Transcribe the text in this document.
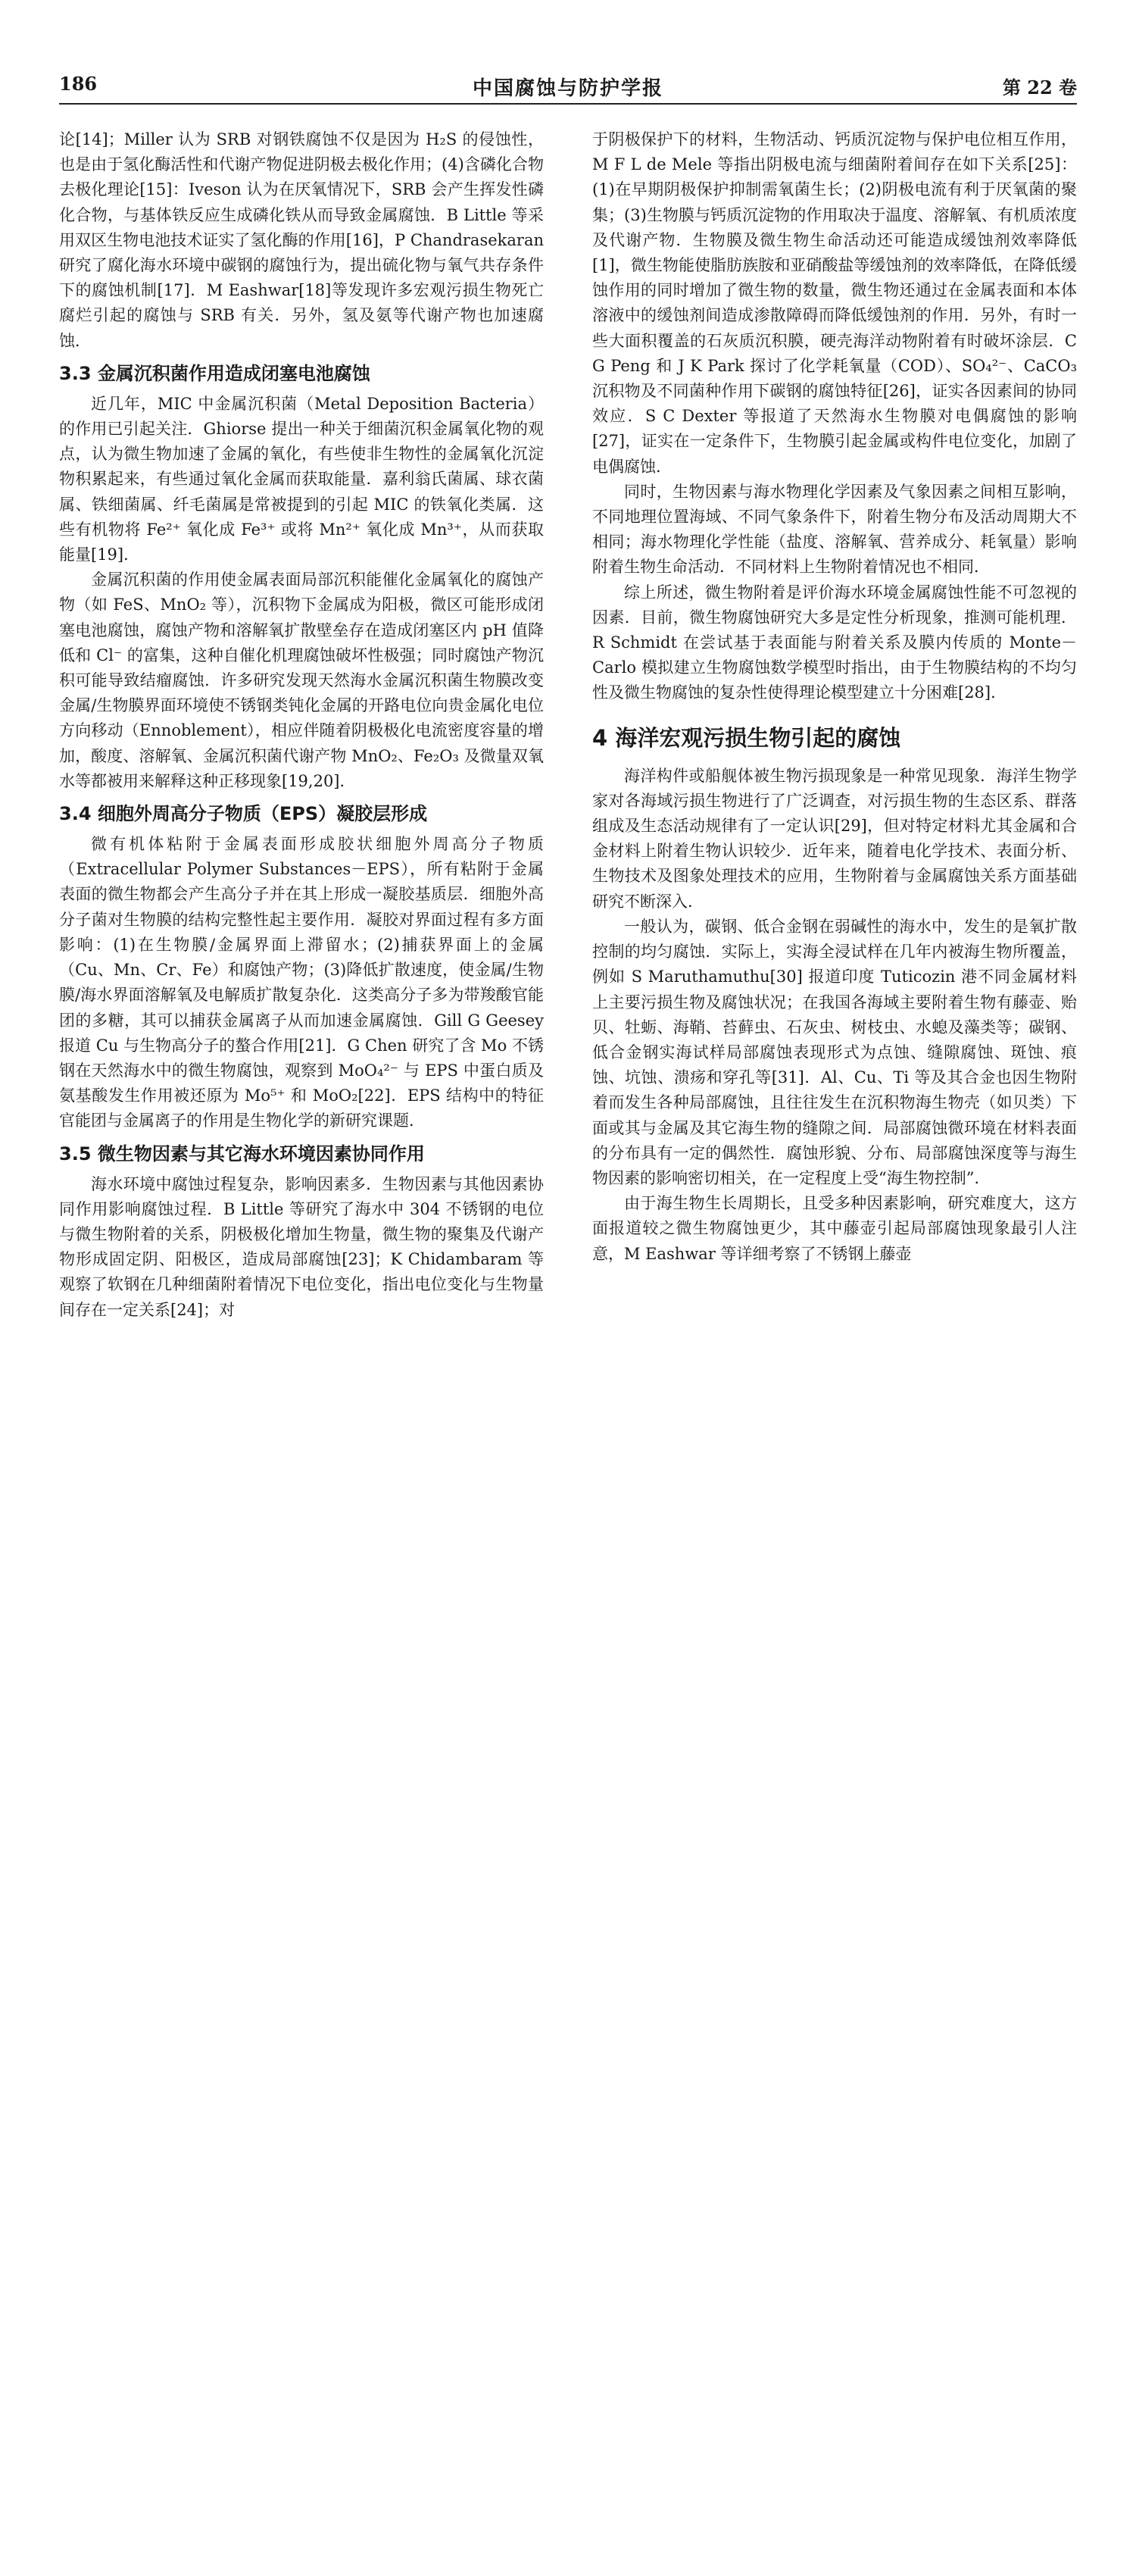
186	中国腐蚀与防护学报	第 22 卷

论[14]；Miller 认为 SRB 对钢铁腐蚀不仅是因为 H₂S 的侵蚀性，也是由于氢化酶活性和代谢产物促进阴极去极化作用；(4)含磷化合物去极化理论[15]：Iveson 认为在厌氧情况下，SRB 会产生挥发性磷化合物，与基体铁反应生成磷化铁从而导致金属腐蚀．B Little 等采用双区生物电池技术证实了氢化酶的作用[16]，P Chandrasekaran 研究了腐化海水环境中碳钢的腐蚀行为，提出硫化物与氧气共存条件下的腐蚀机制[17]．M Eashwar[18]等发现许多宏观污损生物死亡腐烂引起的腐蚀与 SRB 有关．另外，氢及氨等代谢产物也加速腐蚀．

3.3 金属沉积菌作用造成闭塞电池腐蚀

近几年，MIC 中金属沉积菌（Metal Deposition Bacteria）的作用已引起关注．Ghiorse 提出一种关于细菌沉积金属氧化物的观点，认为微生物加速了金属的氧化，有些使非生物性的金属氧化沉淀物积累起来，有些通过氧化金属而获取能量．嘉利翁氏菌属、球衣菌属、铁细菌属、纤毛菌属是常被提到的引起 MIC 的铁氧化类属．这些有机物将 Fe²⁺ 氧化成 Fe³⁺ 或将 Mn²⁺ 氧化成 Mn³⁺，从而获取能量[19]．

金属沉积菌的作用使金属表面局部沉积能催化金属氧化的腐蚀产物（如 FeS、MnO₂ 等），沉积物下金属成为阳极，微区可能形成闭塞电池腐蚀，腐蚀产物和溶解氧扩散壁垒存在造成闭塞区内 pH 值降低和 Cl⁻ 的富集，这种自催化机理腐蚀破坏性极强；同时腐蚀产物沉积可能导致结瘤腐蚀．许多研究发现天然海水金属沉积菌生物膜改变金属/生物膜界面环境使不锈钢类钝化金属的开路电位向贵金属化电位方向移动（Ennoblement），相应伴随着阴极极化电流密度容量的增加，酸度、溶解氧、金属沉积菌代谢产物 MnO₂、Fe₂O₃ 及微量双氧水等都被用来解释这种正移现象[19,20]．

3.4 细胞外周高分子物质（EPS）凝胶层形成

微有机体粘附于金属表面形成胶状细胞外周高分子物质（Extracellular Polymer Substances－EPS），所有粘附于金属表面的微生物都会产生高分子并在其上形成一凝胶基质层．细胞外高分子菌对生物膜的结构完整性起主要作用．凝胶对界面过程有多方面影响：(1)在生物膜/金属界面上滞留水；(2)捕获界面上的金属（Cu、Mn、Cr、Fe）和腐蚀产物；(3)降低扩散速度，使金属/生物膜/海水界面溶解氧及电解质扩散复杂化．这类高分子多为带羧酸官能团的多糖，其可以捕获金属离子从而加速金属腐蚀．Gill G Geesey 报道 Cu 与生物高分子的螯合作用[21]．G Chen 研究了含 Mo 不锈钢在天然海水中的微生物腐蚀，观察到 MoO₄²⁻ 与 EPS 中蛋白质及氨基酸发生作用被还原为 Mo⁵⁺ 和 MoO₂[22]．EPS 结构中的特征官能团与金属离子的作用是生物化学的新研究课题．

3.5 微生物因素与其它海水环境因素协同作用

海水环境中腐蚀过程复杂，影响因素多．生物因素与其他因素协同作用影响腐蚀过程．B Little 等研究了海水中 304 不锈钢的电位与微生物附着的关系，阴极极化增加生物量，微生物的聚集及代谢产物形成固定阴、阳极区，造成局部腐蚀[23]；K Chidambaram 等观察了软钢在几种细菌附着情况下电位变化，指出电位变化与生物量间存在一定关系[24]；对

于阴极保护下的材料，生物活动、钙质沉淀物与保护电位相互作用，M F L de Mele 等指出阴极电流与细菌附着间存在如下关系[25]：(1)在早期阴极保护抑制需氧菌生长；(2)阴极电流有利于厌氧菌的聚集；(3)生物膜与钙质沉淀物的作用取决于温度、溶解氧、有机质浓度及代谢产物．生物膜及微生物生命活动还可能造成缓蚀剂效率降低[1]，微生物能使脂肪族胺和亚硝酸盐等缓蚀剂的效率降低，在降低缓蚀作用的同时增加了微生物的数量，微生物还通过在金属表面和本体溶液中的缓蚀剂间造成渗散障碍而降低缓蚀剂的作用．另外，有时一些大面积覆盖的石灰质沉积膜，硬壳海洋动物附着有时破坏涂层．C G Peng 和 J K Park 探讨了化学耗氧量（COD）、SO₄²⁻、CaCO₃ 沉积物及不同菌种作用下碳钢的腐蚀特征[26]，证实各因素间的协同效应．S C Dexter 等报道了天然海水生物膜对电偶腐蚀的影响[27]，证实在一定条件下，生物膜引起金属或构件电位变化，加剧了电偶腐蚀．

同时，生物因素与海水物理化学因素及气象因素之间相互影响，不同地理位置海域、不同气象条件下，附着生物分布及活动周期大不相同；海水物理化学性能（盐度、溶解氧、营养成分、耗氧量）影响附着生物生命活动．不同材料上生物附着情况也不相同．

综上所述，微生物附着是评价海水环境金属腐蚀性能不可忽视的因素．目前，微生物腐蚀研究大多是定性分析现象，推测可能机理．R Schmidt 在尝试基于表面能与附着关系及膜内传质的 Monte－Carlo 模拟建立生物腐蚀数学模型时指出，由于生物膜结构的不均匀性及微生物腐蚀的复杂性使得理论模型建立十分困难[28]．

4 海洋宏观污损生物引起的腐蚀

海洋构件或船舰体被生物污损现象是一种常见现象．海洋生物学家对各海域污损生物进行了广泛调查，对污损生物的生态区系、群落组成及生态活动规律有了一定认识[29]，但对特定材料尤其金属和合金材料上附着生物认识较少．近年来，随着电化学技术、表面分析、生物技术及图象处理技术的应用，生物附着与金属腐蚀关系方面基础研究不断深入．

一般认为，碳钢、低合金钢在弱碱性的海水中，发生的是氧扩散控制的均匀腐蚀．实际上，实海全浸试样在几年内被海生物所覆盖，例如 S Maruthamuthu[30] 报道印度 Tuticozin 港不同金属材料上主要污损生物及腐蚀状况；在我国各海域主要附着生物有藤壶、贻贝、牡蛎、海鞘、苔藓虫、石灰虫、树枝虫、水螅及藻类等；碳钢、低合金钢实海试样局部腐蚀表现形式为点蚀、缝隙腐蚀、斑蚀、痕蚀、坑蚀、溃疡和穿孔等[31]．Al、Cu、Ti 等及其合金也因生物附着而发生各种局部腐蚀，且往往发生在沉积物海生物壳（如贝类）下面或其与金属及其它海生物的缝隙之间．局部腐蚀微环境在材料表面的分布具有一定的偶然性．腐蚀形貌、分布、局部腐蚀深度等与海生物因素的影响密切相关，在一定程度上受“海生物控制”．

由于海生物生长周期长，且受多种因素影响，研究难度大，这方面报道较之微生物腐蚀更少，其中藤壶引起局部腐蚀现象最引人注意，M Eashwar 等详细考察了不锈钢上藤壶
